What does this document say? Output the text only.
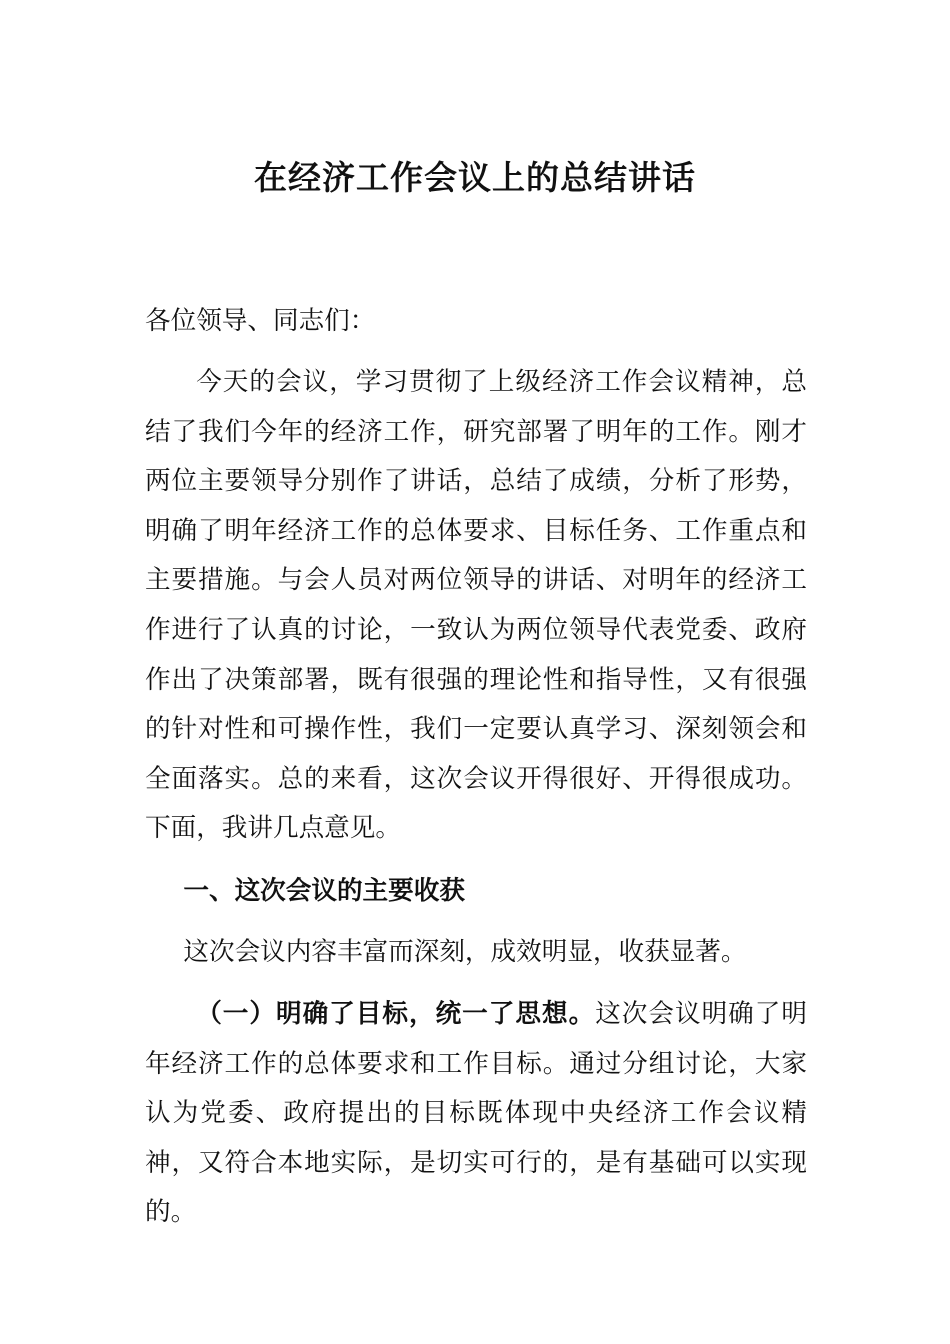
在经济工作会议上的总结讲话
各位领导、同志们：
今天的会议，学习贯彻了上级经济工作会议精神，总结了我们今年的经济工作，研究部署了明年的工作。刚才两位主要领导分别作了讲话，总结了成绩，分析了形势，明确了明年经济工作的总体要求、目标任务、工作重点和主要措施。与会人员对两位领导的讲话、对明年的经济工作进行了认真的讨论，一致认为两位领导代表党委、政府作出了决策部署，既有很强的理论性和指导性，又有很强的针对性和可操作性，我们一定要认真学习、深刻领会和全面落实。总的来看，这次会议开得很好、开得很成功。下面，我讲几点意见。
一、这次会议的主要收获
这次会议内容丰富而深刻，成效明显，收获显著。
（一）明确了目标，统一了思想。这次会议明确了明年经济工作的总体要求和工作目标。通过分组讨论，大家认为党委、政府提出的目标既体现中央经济工作会议精神，又符合本地实际，是切实可行的，是有基础可以实现的。
